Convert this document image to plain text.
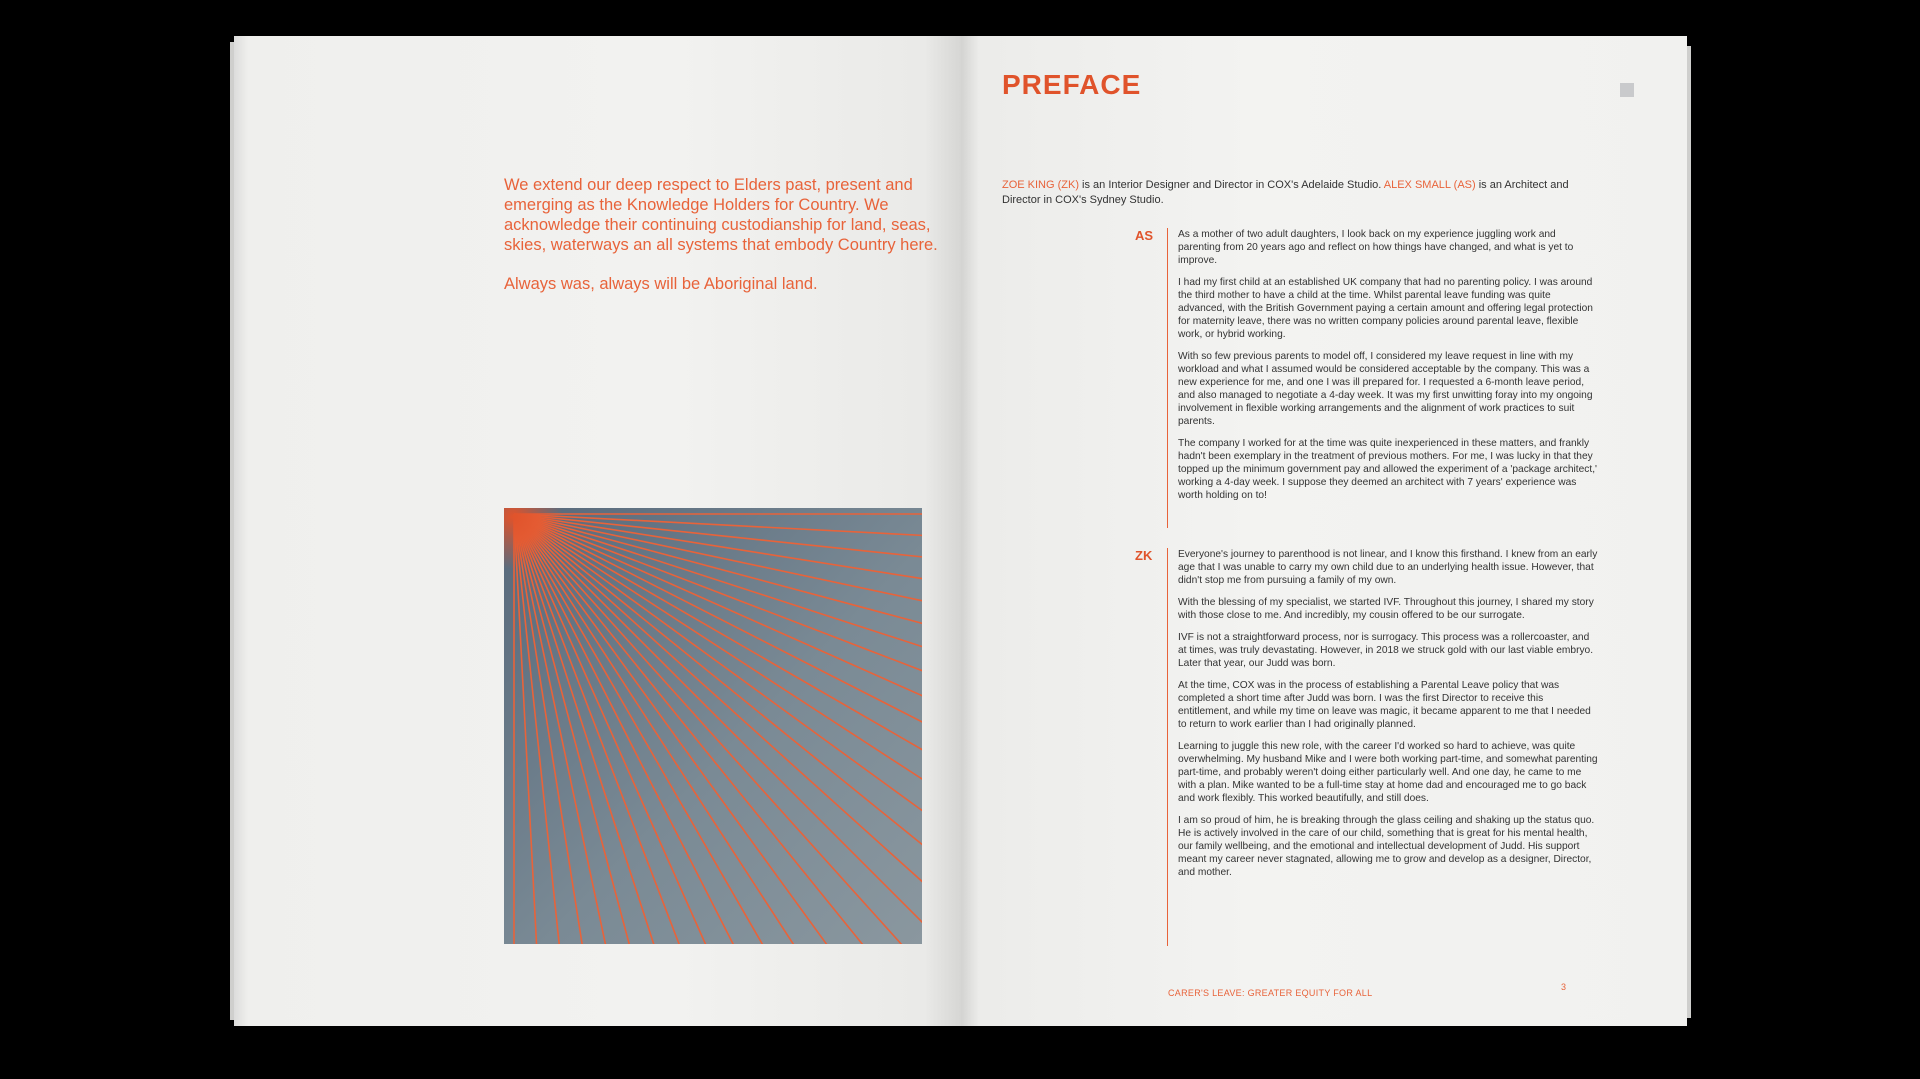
We extend our deep respect to Elders past, present and emerging as the Knowledge Holders for Country. We acknowledge their continuing custodianship for land, seas, skies, waterways an all systems that embody Country here.

Always was, always will be Aboriginal land.

PREFACE
ZOE KING (ZK) is an Interior Designer and Director in COX's Adelaide Studio. ALEX SMALL (AS) is an Architect and Director in COX's Sydney Studio.
AS As a mother of two adult daughters, I look back on my experience juggling work and parenting from 20 years ago and reflect on how things have changed, and what is yet to improve.

I had my first child at an established UK company that had no parenting policy. I was around the third mother to have a child at the time. Whilst parental leave funding was quite advanced, with the British Government paying a certain amount and offering legal protection for maternity leave, there was no written company policies around parental leave, flexible work, or hybrid working.

With so few previous parents to model off, I considered my leave request in line with my workload and what I assumed would be considered acceptable by the company. This was a new experience for me, and one I was ill prepared for. I requested a 6-month leave period, and also managed to negotiate a 4-day week. It was my first unwitting foray into my ongoing involvement in flexible working arrangements and the alignment of work practices to suit parents.

The company I worked for at the time was quite inexperienced in these matters, and frankly hadn't been exemplary in the treatment of previous mothers. For me, I was lucky in that they topped up the minimum government pay and allowed the experiment of a 'package architect,' working a 4-day week. I suppose they deemed an architect with 7 years' experience was worth holding on to!

ZK	Everyone's journey to parenthood is not linear, and I know this firsthand. I knew from an early age that I was unable to carry my own child due to an underlying health issue. However, that didn't stop me from pursuing a family of my own.

With the blessing of my specialist, we started IVF. Throughout this journey, I shared my story with those close to me. And incredibly, my cousin offered to be our surrogate.

IVF is not a straightforward process, nor is surrogacy. This process was a rollercoaster, and at times, was truly devastating. However, in 2018 we struck gold with our last viable embryo. Later that year, our Judd was born.

At the time, COX was in the process of establishing a Parental Leave policy that was completed a short time after Judd was born. I was the first Director to receive this entitlement, and while my time on leave was magic, it became apparent to me that I needed to return to work earlier than I had originally planned.

Learning to juggle this new role, with the career I'd worked so hard to achieve, was quite overwhelming. My husband Mike and I were both working part-time, and somewhat parenting part-time, and probably weren't doing either particularly well. And one day, he came to me with a plan. Mike wanted to be a full-time stay at home dad and encouraged me to go back and work flexibly. This worked beautifully, and still does.

I am so proud of him, he is breaking through the glass ceiling and shaking up the status quo. He is actively involved in the care of our child, something that is great for his mental health, our family wellbeing, and the emotional and intellectual development of Judd. His support meant my career never stagnated, allowing me to grow and develop as a designer, Director, and mother.

CARER'S LEAVE: GREATER EQUITY FOR ALL
3
